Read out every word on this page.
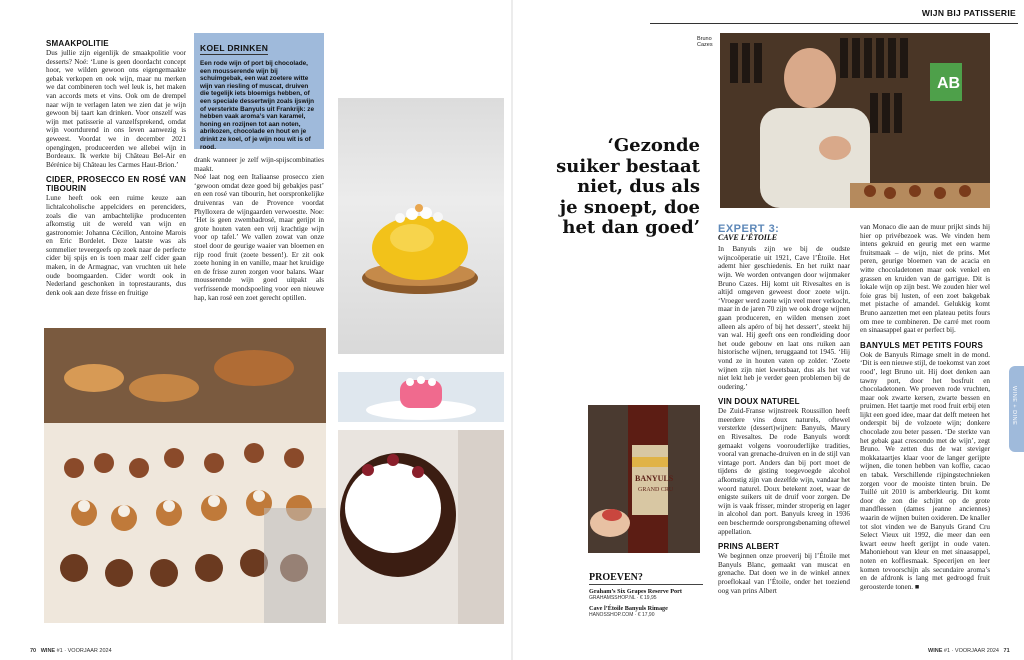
SMAAKPOLITIE

Dus jullie zijn eigenlijk de smaakpolitie voor desserts? Noé: ‘Lune is geen doordacht concept hoor, we wilden gewoon ons eigengemaakte gebak verkopen en ook wijn, maar nu merken we dat combineren toch wel leuk is, het maken van accords mets et vins. Ook om de drempel naar wijn te verlagen laten we zien dat je wijn gewoon bij taart kan drinken. Voor onszelf was wijn met patisserie al vanzelfsprekend, omdat wijn voortdurend in ons leven aanwezig is geweest. Voordat we in december 2021 opengingen, produceerden we allebei wijn in Bordeaux. Ik werkte bij Château Bel-Air en Bérénice bij Château les Carmes Haut-Brion.’

CIDER, PROSECCO EN ROSÉ VAN TIBOURIN

Lune heeft ook een ruime keuze aan lichtalcoholische appelciders en perenciders, zoals die van ambachtelijke producenten afkomstig uit de wereld van wijn en gastronomie: Johanna Cécillon, Antoine Marois en Eric Bordelet. Deze laatste was als sommelier teveergeefs op zoek naar de perfecte cider bij spijs en is toen maar zelf cider gaan maken, in de Armagnac, van vruchten uit hele oude boomgaarden. Cider wordt ook in Nederland geschonken in toprestaurants, dus denk ook aan deze frisse en fruitige

KOEL DRINKEN
Een rode wijn of port bij chocolade, een mousserende wijn bij schuimgebak, een wat zoetere witte wijn van riesling of muscat, druiven die tegelijk iets bloemigs hebben, of een speciale dessertwijn zoals ijswijn of versterkte Banyuls uit Frankrijk: ze hebben vaak aroma’s van karamel, honing en rozijnen tot aan noten, abrikozen, chocolade en hout en je drinkt ze koel, of je wijn nou wit is of rood.

drank wanneer je zelf wijn-spijscombinaties maakt.

Noé laat nog een Italiaanse prosecco zien ‘gewoon omdat deze goed bij gebakjes past’ en een rosé van tibourin, het oorspronkelijke druivenras van de Provence voordat Phylloxera de wijngaarden verwoestte. Noe: ‘Het is geen zwembadrosé, maar gerijpt in grote houten vaten een vrij krachtige wijn voor op tafel.’ We vallen zowat van onze stoel door de geurige waaier van bloemen en rijp rood fruit (zoete bessen!). Er zit ook zoete honing in en vanille, maar het kruidige en de frisse zuren zorgen voor balans. Waar mousserende wijn goed uitpakt als verfrissende mondspoeling voor een nieuwe hap, kan rosé een zoet gerecht optillen.

70 WINE #1 · VOORJAAR 2024
WIJN BIJ PATISSERIE
Bruno Cazes
AB
‘Gezonde suiker bestaat niet, dus als je snoept, doe het dan goed’
BANYULS
GRAND CRU
PROEVEN?
Graham’s Six Grapes Reserve Port
GRAHAMSSHOP.NL · € 19,95
Cave l’Étoile Banyuls Rimage
HANOSSHOP.COM · € 17,90
EXPERT 3:
CAVE L’ÉTOILE

In Banyuls zijn we bij de oudste wijncoöperatie uit 1921, Cave l’Étoile. Het ademt hier geschiedenis. En het ruikt naar wijn. We worden ontvangen door wijnmaker Bruno Cazes. Hij komt uit Rivesaltes en is altijd omgeven geweest door zoete wijn. ‘Vroeger werd zoete wijn veel meer verkocht, maar in de jaren 70 zijn we ook droge wijnen gaan produceren, en wilden mensen zoet alleen als apéro of bij het dessert’, steekt hij van wal. Hij geeft ons een rondleiding door het oude gebouw en laat ons ruiken aan historische wijnen, teruggaand tot 1945. ‘Hij vond ze in houten vaten op zolder. ‘Zoete wijnen zijn niet kwetsbaar, dus als het vat niet lekt heb je verder geen problemen bij de oudering.’

VIN DOUX NATUREL

De Zuid-Franse wijnstreek Roussillon heeft meerdere vins doux naturels, oftewel versterkte (dessert)wijnen: Banyuls, Maury en Rivesaltes. De rode Banyuls wordt gemaakt volgens voorouderlijke tradities, vooral van grenache-druiven en in de stijl van vintage port. Anders dan bij port moet de tijdens de gisting toegevoegde alcohol afkomstig zijn van dezelfde wijn, vandaar het woord naturel. Doux betekent zoet, waar de enigste suikers uit de druif voor zorgen. De wijn is vaak frisser, minder stroperig en lager in alcohol dan port. Banyuls kreeg in 1936 een beschermde oorsprongsbenaming oftewel appellation.

PRINS ALBERT

We beginnen onze proeverij bij l’Étoile met Banyuls Blanc, gemaakt van muscat en grenache. Dat doen we in de winkel annex proeflokaal van l’Étoile, onder het toeziend oog van prins Albert

van Monaco die aan de muur prijkt sinds hij hier op privébezoek was. We vinden hem intens gekruid en geurig met een warme fruitsmaak – de wijn, niet de prins. Met peren, geurige bloemen van de acacia en witte chocoladetonen maar ook venkel en grassen en kruiden van de garrigue. Dit is lokale wijn op zijn best. We zouden hier wel foie gras bij lusten, of een zoet bakgebak met pistache of amandel. Gelukkig komt Bruno aanzetten met een plateau petits fours om mee te combineren. De carré met room en sinaasappel gaat er perfect bij.

BANYULS MET PETITS FOURS

Ook de Banyuls Rimage smelt in de mond. ‘Dit is een nieuwe stijl, de toekomst van zoet rood’, legt Bruno uit. Hij doet denken aan tawny port, door het bosfruit en chocoladetonen. We proeven rode vruchten, maar ook zwarte kersen, zwarte bessen en pruimen. Het taartje met rood fruit erbij eten lijkt een goed idee, maar dat delft meteen het onderspit bij de volzoete wijn; donkere chocolade zou beter passen. ‘De sterkte van het gebak gaat crescendo met de wijn’, zegt Bruno. We zetten dus de wat steviger mokkataartjes klaar voor de langer gerijpte wijnen, die tonen hebben van koffie, cacao en tabak. Verschillende rijpingstechnieken zorgen voor de mooiste tinten bruin. De Tuillé uit 2010 is amberkleurig. Dit komt door de zon die schijnt op de grote mandflessen (dames jeanne anciennes) waarin de wijnen buiten oxideren. De knaller tot slot vinden we de Banyuls Grand Cru Select Vieux uit 1992, die meer dan een kwart eeuw heeft gerijpt in oude vaten. Mahoniehout van kleur en met sinaasappel, noten en koffiesmaak. Specerijen en leer komen tevoorschijn als secundaire aroma’s en de afdronk is lang met gedroogd fruit geroosterde tonen. ■

WINE + DINE
WINE #1 · VOORJAAR 2024 71
